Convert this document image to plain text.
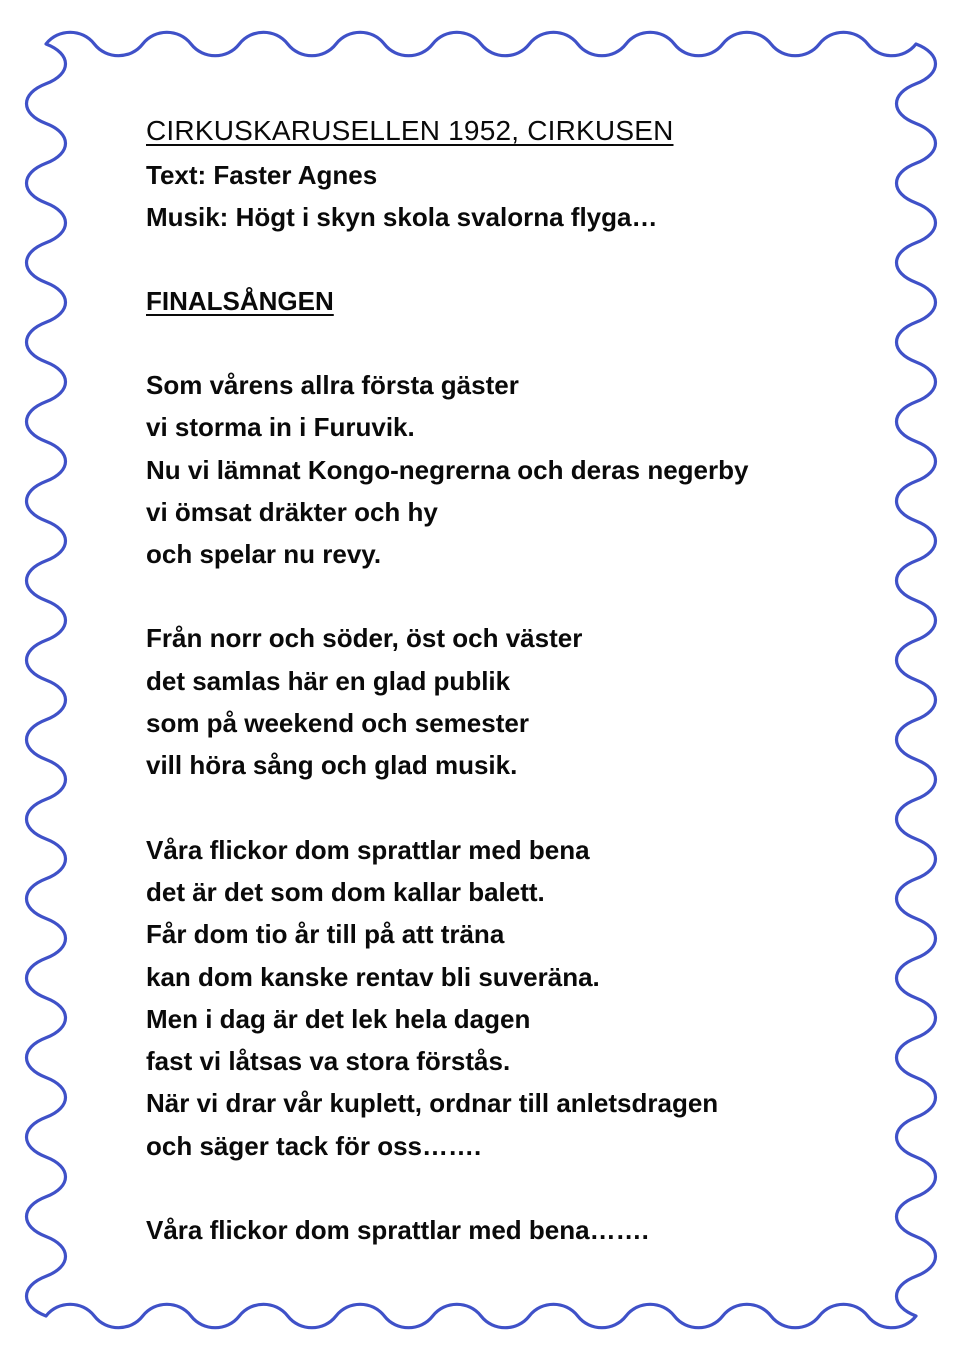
CIRKUSKARUSELLEN 1952, CIRKUSEN
Text: Faster Agnes
Musik: Högt i skyn skola svalorna flyga…
FINALSÅNGEN
Som vårens allra första gäster
vi storma in i Furuvik.
Nu vi lämnat Kongo-negrerna och deras negerby
vi ömsat dräkter och hy
och spelar nu revy.
Från norr och söder, öst och väster
det samlas här en glad publik
som på weekend och semester
vill höra sång och glad musik.
Våra flickor dom sprattlar med bena
det är det som dom kallar balett.
Får dom tio år till på att träna
kan dom kanske rentav bli suveräna.
Men i dag är det lek hela dagen
fast vi låtsas va stora förstås.
När vi drar vår kuplett, ordnar till anletsdragen
och säger tack för oss…….
Våra flickor dom sprattlar med bena…….
